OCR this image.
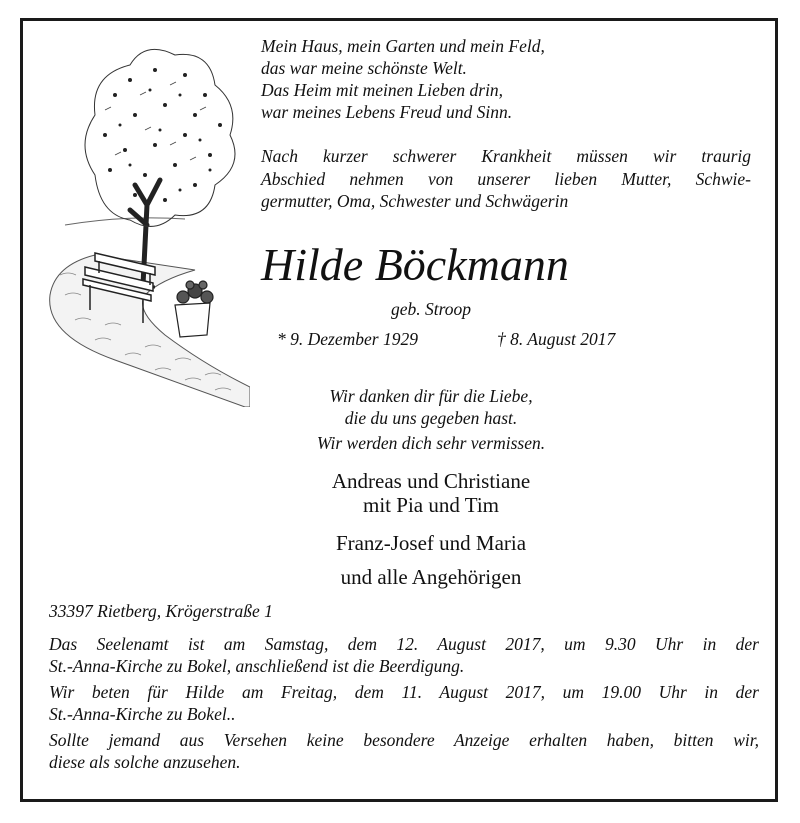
Mein Haus, mein Garten und mein Feld,
das war meine schönste Welt.
Das Heim mit meinen Lieben drin,
war meines Lebens Freud und Sinn.
Nach kurzer schwerer Krankheit müssen wir traurig
Abschied nehmen von unserer lieben Mutter, Schwie-
germutter, Oma, Schwester und Schwägerin
Hilde Böckmann
geb. Stroop
* 9. Dezember 1929	† 8. August 2017
Wir danken dir für die Liebe,
die du uns gegeben hast.
Wir werden dich sehr vermissen.
Andreas und Christiane
mit Pia und Tim
Franz-Josef und Maria
und alle Angehörigen
33397 Rietberg, Krögerstraße 1
Das Seelenamt ist am Samstag, dem 12. August 2017, um 9.30 Uhr in der
St.-Anna-Kirche zu Bokel, anschließend ist die Beerdigung.
Wir beten für Hilde am Freitag, dem 11. August 2017, um 19.00 Uhr in der
St.-Anna-Kirche zu Bokel..
Sollte jemand aus Versehen keine besondere Anzeige erhalten haben, bitten wir,
diese als solche anzusehen.
